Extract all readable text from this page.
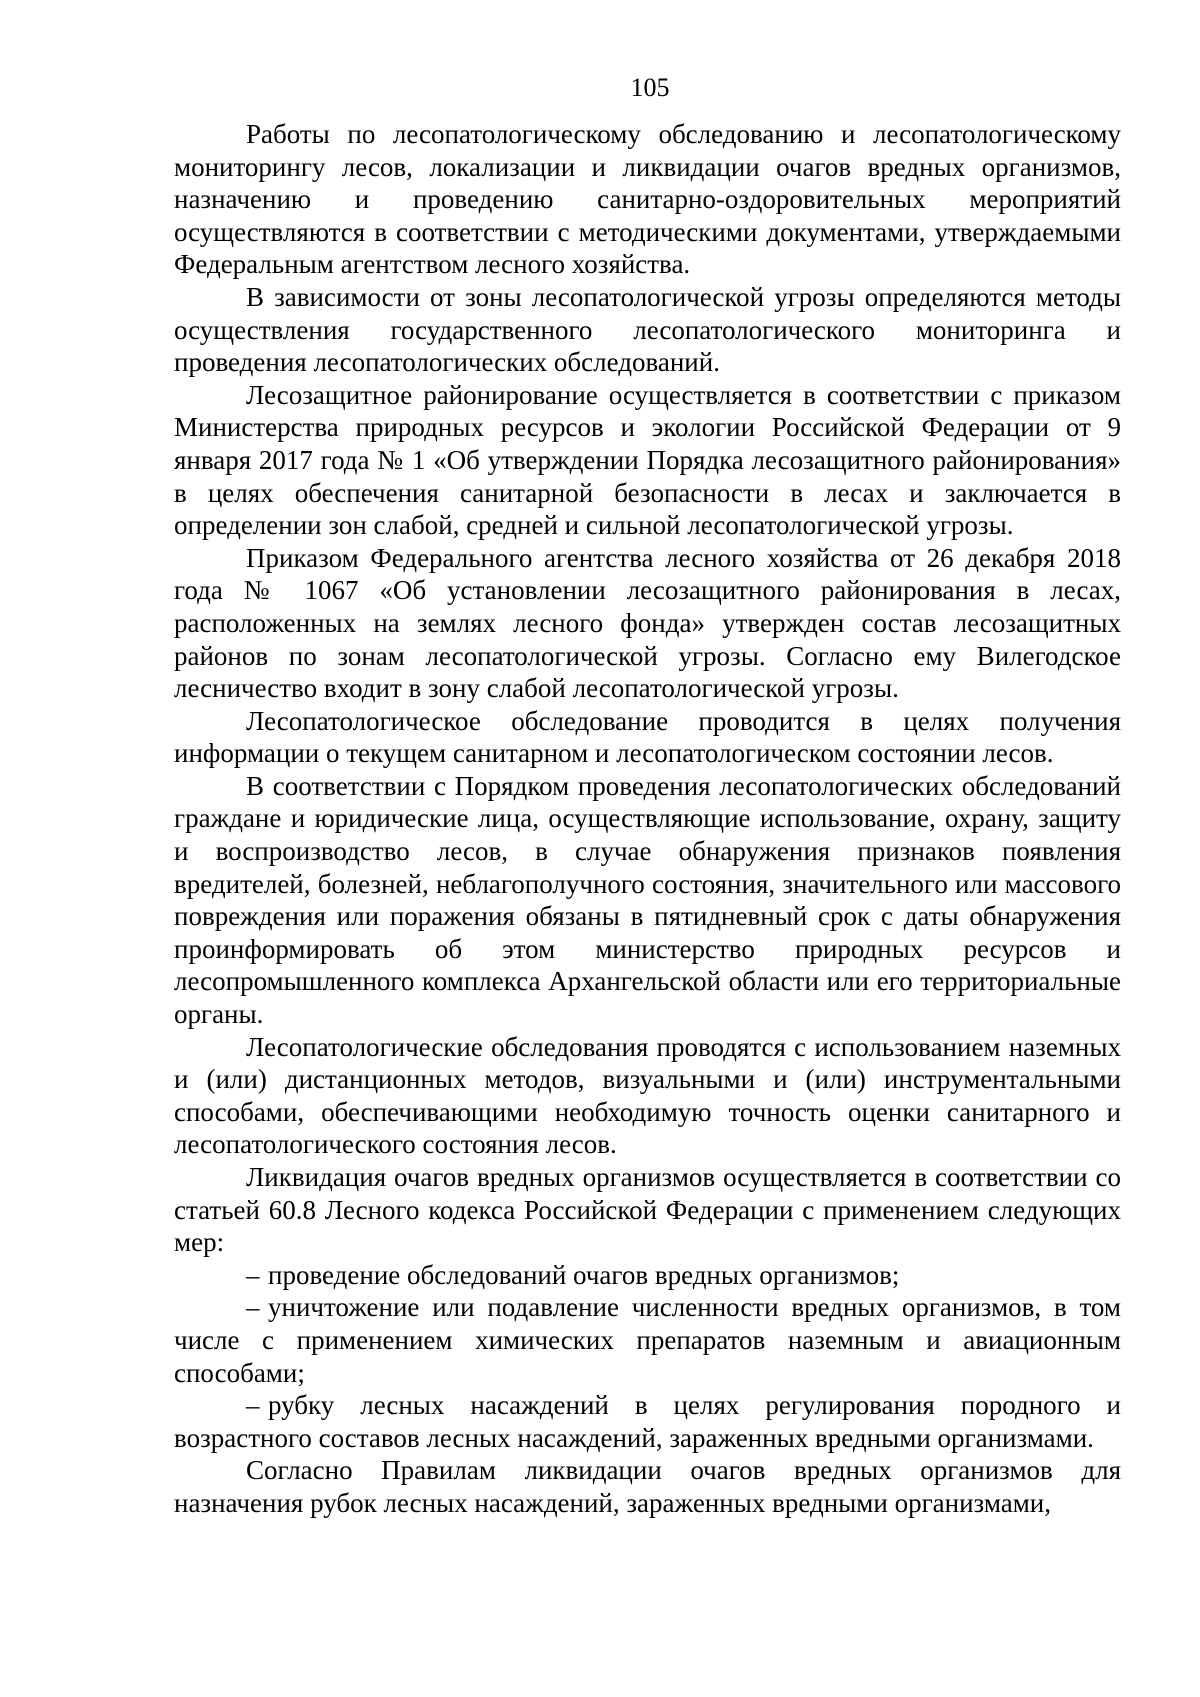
105

Работы по лесопатологическому обследованию и лесопатологическому мониторингу лесов, локализации и ликвидации очагов вредных организмов, назначению и проведению санитарно-оздоровительных мероприятий осуществляются в соответствии с методическими документами, утверждаемыми Федеральным агентством лесного хозяйства.

В зависимости от зоны лесопатологической угрозы определяются методы осуществления государственного лесопатологического мониторинга и проведения лесопатологических обследований.

Лесозащитное районирование осуществляется в соответствии с приказом Министерства природных ресурсов и экологии Российской Федерации от 9 января 2017 года № 1 «Об утверждении Порядка лесозащитного районирования» в целях обеспечения санитарной безопасности в лесах и заключается в определении зон слабой, средней и сильной лесопатологической угрозы.

Приказом Федерального агентства лесного хозяйства от 26 декабря 2018 года № 1067 «Об установлении лесозащитного районирования в лесах, расположенных на землях лесного фонда» утвержден состав лесозащитных районов по зонам лесопатологической угрозы. Согласно ему Вилегодское лесничество входит в зону слабой лесопатологической угрозы.

Лесопатологическое обследование проводится в целях получения информации о текущем санитарном и лесопатологическом состоянии лесов.

В соответствии с Порядком проведения лесопатологических обследований граждане и юридические лица, осуществляющие использование, охрану, защиту и воспроизводство лесов, в случае обнаружения признаков появления вредителей, болезней, неблагополучного состояния, значительного или массового повреждения или поражения обязаны в пятидневный срок с даты обнаружения проинформировать об этом министерство природных ресурсов и лесопромышленного комплекса Архангельской области или его территориальные органы.

Лесопатологические обследования проводятся с использованием наземных и (или) дистанционных методов, визуальными и (или) инструментальными способами, обеспечивающими необходимую точность оценки санитарного и лесопатологического состояния лесов.

Ликвидация очагов вредных организмов осуществляется в соответствии со статьей 60.8 Лесного кодекса Российской Федерации с применением следующих мер:

– проведение обследований очагов вредных организмов;

– уничтожение или подавление численности вредных организмов, в том числе с применением химических препаратов наземным и авиационным способами;

– рубку лесных насаждений в целях регулирования породного и возрастного составов лесных насаждений, зараженных вредными организмами.

Согласно Правилам ликвидации очагов вредных организмов для назначения рубок лесных насаждений, зараженных вредными организмами,
